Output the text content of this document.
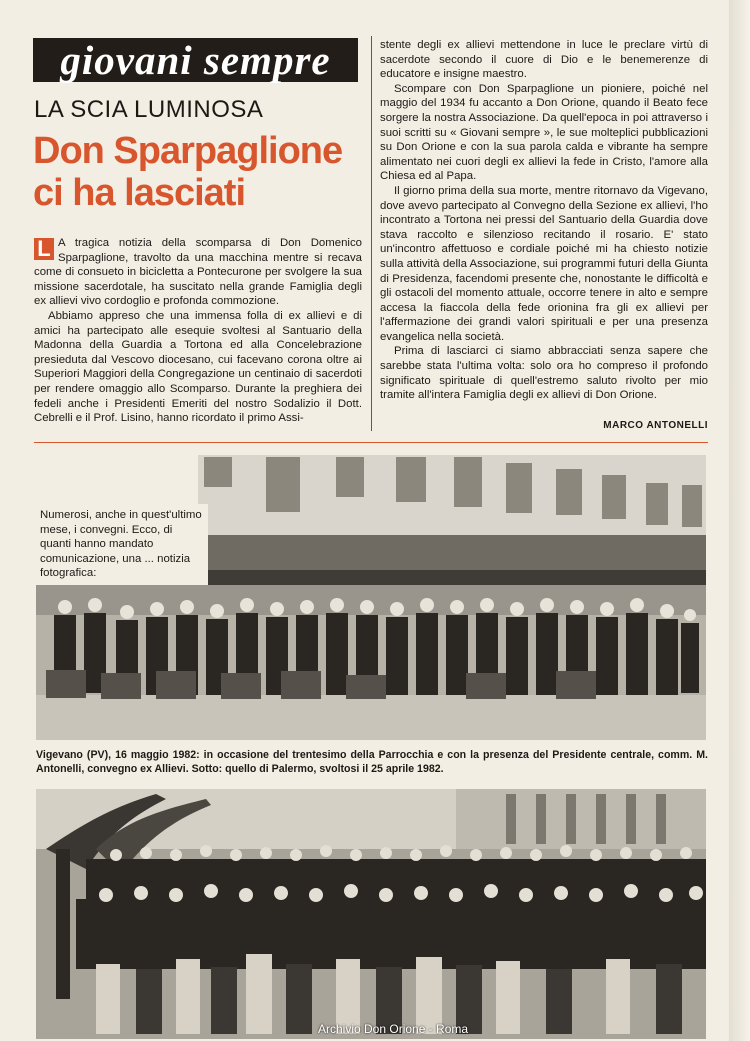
giovani sempre
LA SCIA LUMINOSA
Don Sparpaglione ci ha lasciati

L A tragica notizia della scomparsa di Don Domenico Sparpaglione, travolto da una macchina mentre si recava come di consueto in bicicletta a Pontecurone per svolgere la sua missione sacerdotale, ha suscitato nella grande Famiglia degli ex allievi vivo cordoglio e profonda commozione.

Abbiamo appreso che una immensa folla di ex allievi e di amici ha partecipato alle esequie svoltesi al Santuario della Madonna della Guardia a Tortona ed alla Concelebrazione presieduta dal Vescovo diocesano, cui facevano corona oltre ai Superiori Maggiori della Congregazione un centinaio di sacerdoti per rendere omaggio allo Scomparso. Durante la preghiera dei fedeli anche i Presidenti Emeriti del nostro Sodalizio il Dott. Cebrelli e il Prof. Lisino, hanno ricordato il primo Assi-

stente degli ex allievi mettendone in luce le preclare virtù di sacerdote secondo il cuore di Dio e le benemerenze di educatore e insigne maestro.

Scompare con Don Sparpaglione un pioniere, poiché nel maggio del 1934 fu accanto a Don Orione, quando il Beato fece sorgere la nostra Associazione. Da quell'epoca in poi attraverso i suoi scritti su « Giovani sempre », le sue molteplici pubblicazioni su Don Orione e con la sua parola calda e vibrante ha sempre alimentato nei cuori degli ex allievi la fede in Cristo, l'amore alla Chiesa ed al Papa.

Il giorno prima della sua morte, mentre ritornavo da Vigevano, dove avevo partecipato al Convegno della Sezione ex allievi, l'ho incontrato a Tortona nei pressi del Santuario della Guardia dove stava raccolto e silenzioso recitando il rosario. E' stato un'incontro affettuoso e cordiale poiché mi ha chiesto notizie sulla attività della Associazione, sui programmi futuri della Giunta di Presidenza, facendomi presente che, nonostante le difficoltà e gli ostacoli del momento attuale, occorre tenere in alto e sempre accesa la fiaccola della fede orionina fra gli ex allievi per l'affermazione dei grandi valori spirituali e per una presenza evangelica nella società.

Prima di lasciarci ci siamo abbracciati senza sapere che sarebbe stata l'ultima volta: solo ora ho compreso il profondo significato spirituale di quell'estremo saluto rivolto per mio tramite all'intera Famiglia degli ex allievi di Don Orione.

MARCO ANTONELLI
Numerosi, anche in quest'ultimo mese, i convegni. Ecco, di quanti hanno mandato comunicazione, una ... notizia fotografica:
Vigevano (PV), 16 maggio 1982: in occasione del trentesimo della Parrocchia e con la presenza del Presidente centrale, comm. M. Antonelli, convegno ex Allievi. Sotto: quello di Palermo, svoltosi il 25 aprile 1982.
Archivio Don Orione - Roma
